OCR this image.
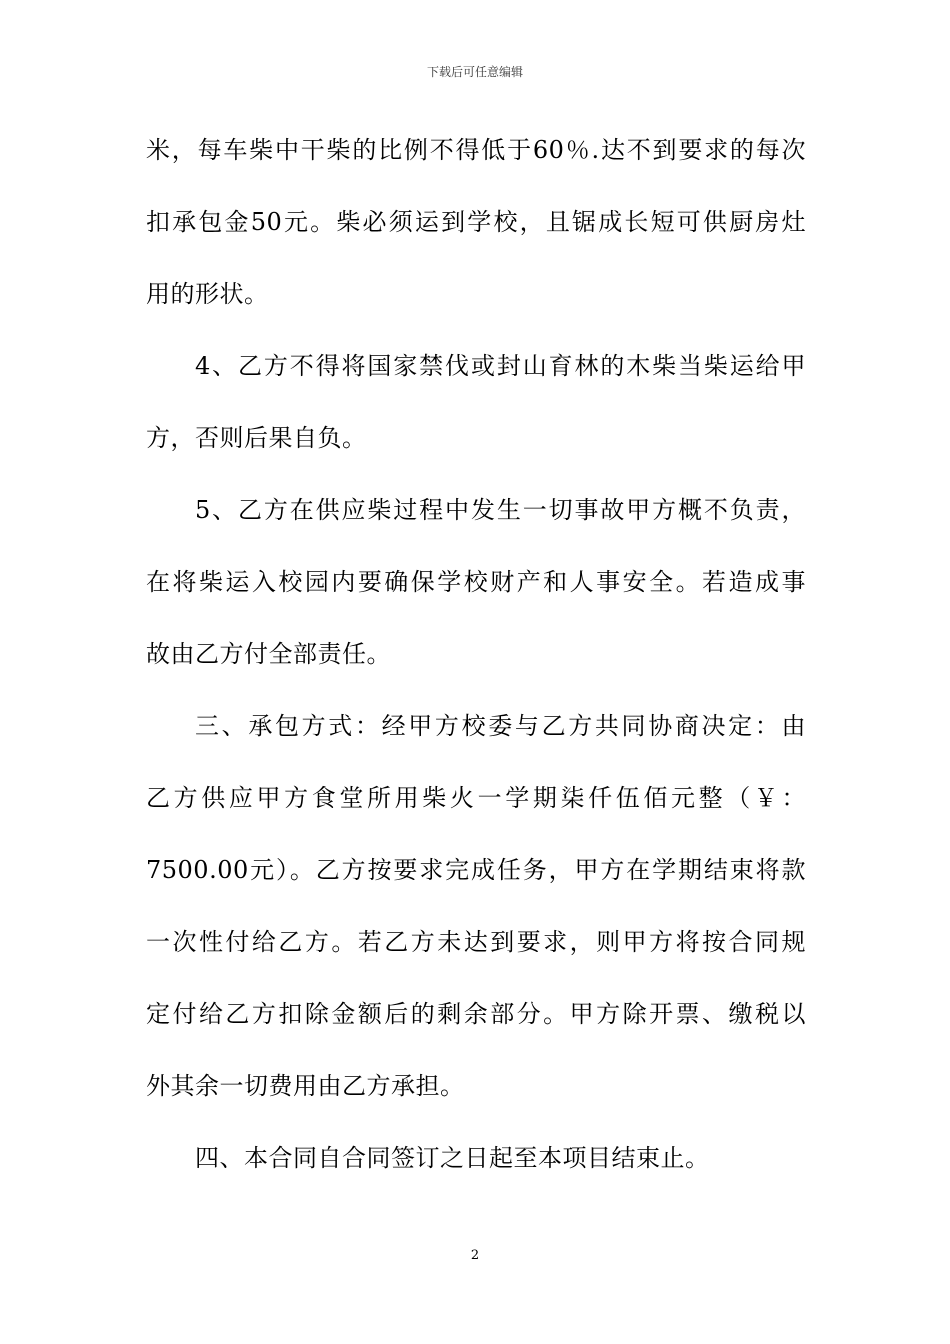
下载后可任意编辑
米，每车柴中干柴的比例不得低于60％.达不到要求的每次
扣承包金50元。柴必须运到学校，且锯成长短可供厨房灶
用的形状。
4、乙方不得将国家禁伐或封山育林的木柴当柴运给甲
方，否则后果自负。
5、乙方在供应柴过程中发生一切事故甲方概不负责，
在将柴运入校园内要确保学校财产和人事安全。若造成事
故由乙方付全部责任。
三、承包方式：经甲方校委与乙方共同协商决定：由
乙方供应甲方食堂所用柴火一学期柒仟伍佰元整（￥：
7500.00元）。乙方按要求完成任务，甲方在学期结束将款
一次性付给乙方。若乙方未达到要求，则甲方将按合同规
定付给乙方扣除金额后的剩余部分。甲方除开票、缴税以
外其余一切费用由乙方承担。
四、本合同自合同签订之日起至本项目结束止。
2
